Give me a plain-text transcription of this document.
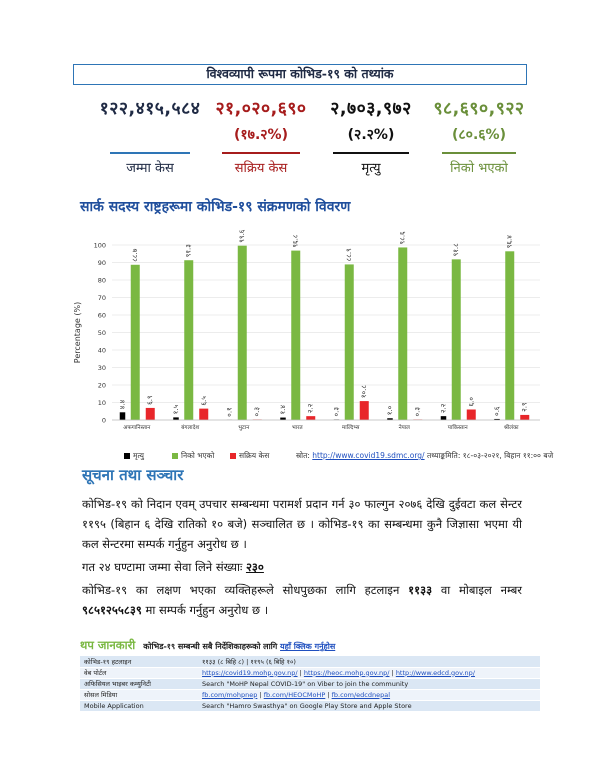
विश्वव्यापी रूपमा कोभिड-१९ को तथ्यांक
१२२,४१५,५८४
जम्मा केस
२१,०२०,६९०
(१७.२%)
सक्रिय केस
२,७०३,९७२
(२.२%)
मृत्यु
९८,६९०,९२२
(८०.६%)
निको भएको
सार्क सदस्य राष्ट्रहरूमा कोभिड-१९ संक्रमणको विवरण
0
10
20
30
40
50
60
70
80
90
100
Percentage (%)
४.४
८८.७
६.९
अफगानिस्तान
१.५
९१.३
६.५
बंगलादेश
०.१
९९.६
०.३
भुटान
१.४
९६.८
२.२
भारत
०.३
८८.९
१०.८
माल्दिभ्स
१.०
९८.६
०.३
नेपाल
२.२
९१.८
६.०
पाकिस्तान
०.६
९६.४
२.९
श्रीलंका
मृत्यु	निको भएको	सक्रिय केस	स्रोत: http://www.covid19.sdmc.org/ तथ्याङ्कमिति: १८-०३-२०२१, बिहान ११:०० बजे
सूचना तथा सञ्चार
कोभिड-१९ को निदान एवम् उपचार सम्बन्धमा परामर्श प्रदान गर्न ३० फाल्गुन २०७६ देखि दुईवटा कल सेन्टर ११९५ (बिहान ६ देखि रातिको १० बजे) सञ्चालित छ । कोभिड-१९ का सम्बन्धमा कुनै जिज्ञासा भएमा यी कल सेन्टरमा सम्पर्क गर्नुहुन अनुरोध छ ।
गत २४ घण्टामा जम्मा सेवा लिने संख्याः २३०
कोभिड-१९ का लक्षण भएका व्यक्तिहरूले सोधपुछका लागि हटलाइन ११३३ वा मोबाइल नम्बर ९८५१२५५८३९ मा सम्पर्क गर्नुहुन अनुरोध छ ।
थप जानकारी कोभिड-१९ सम्बन्धी सबै निर्देशिकाहरूको लागि यहाँ क्लिक गर्नुहोस
कोभिड-१९ हटलाइन	११३३ (८ बिहि ८) | ११९५ (६ बिहि १०)
वेब पोर्टल	https://covid19.mohp.gov.np/ | https://heoc.mohp.gov.np/ | http://www.edcd.gov.np/
अफिसियल भाइबर कम्युनिटी	Search "MoHP Nepal COVID-19" on Viber to join the community
सोसल मिडिया	fb.com/mohpnep | fb.com/HEOCMoHP | fb.com/edcdnepal
Mobile Application	Search "Hamro Swasthya" on Google Play Store and Apple Store
